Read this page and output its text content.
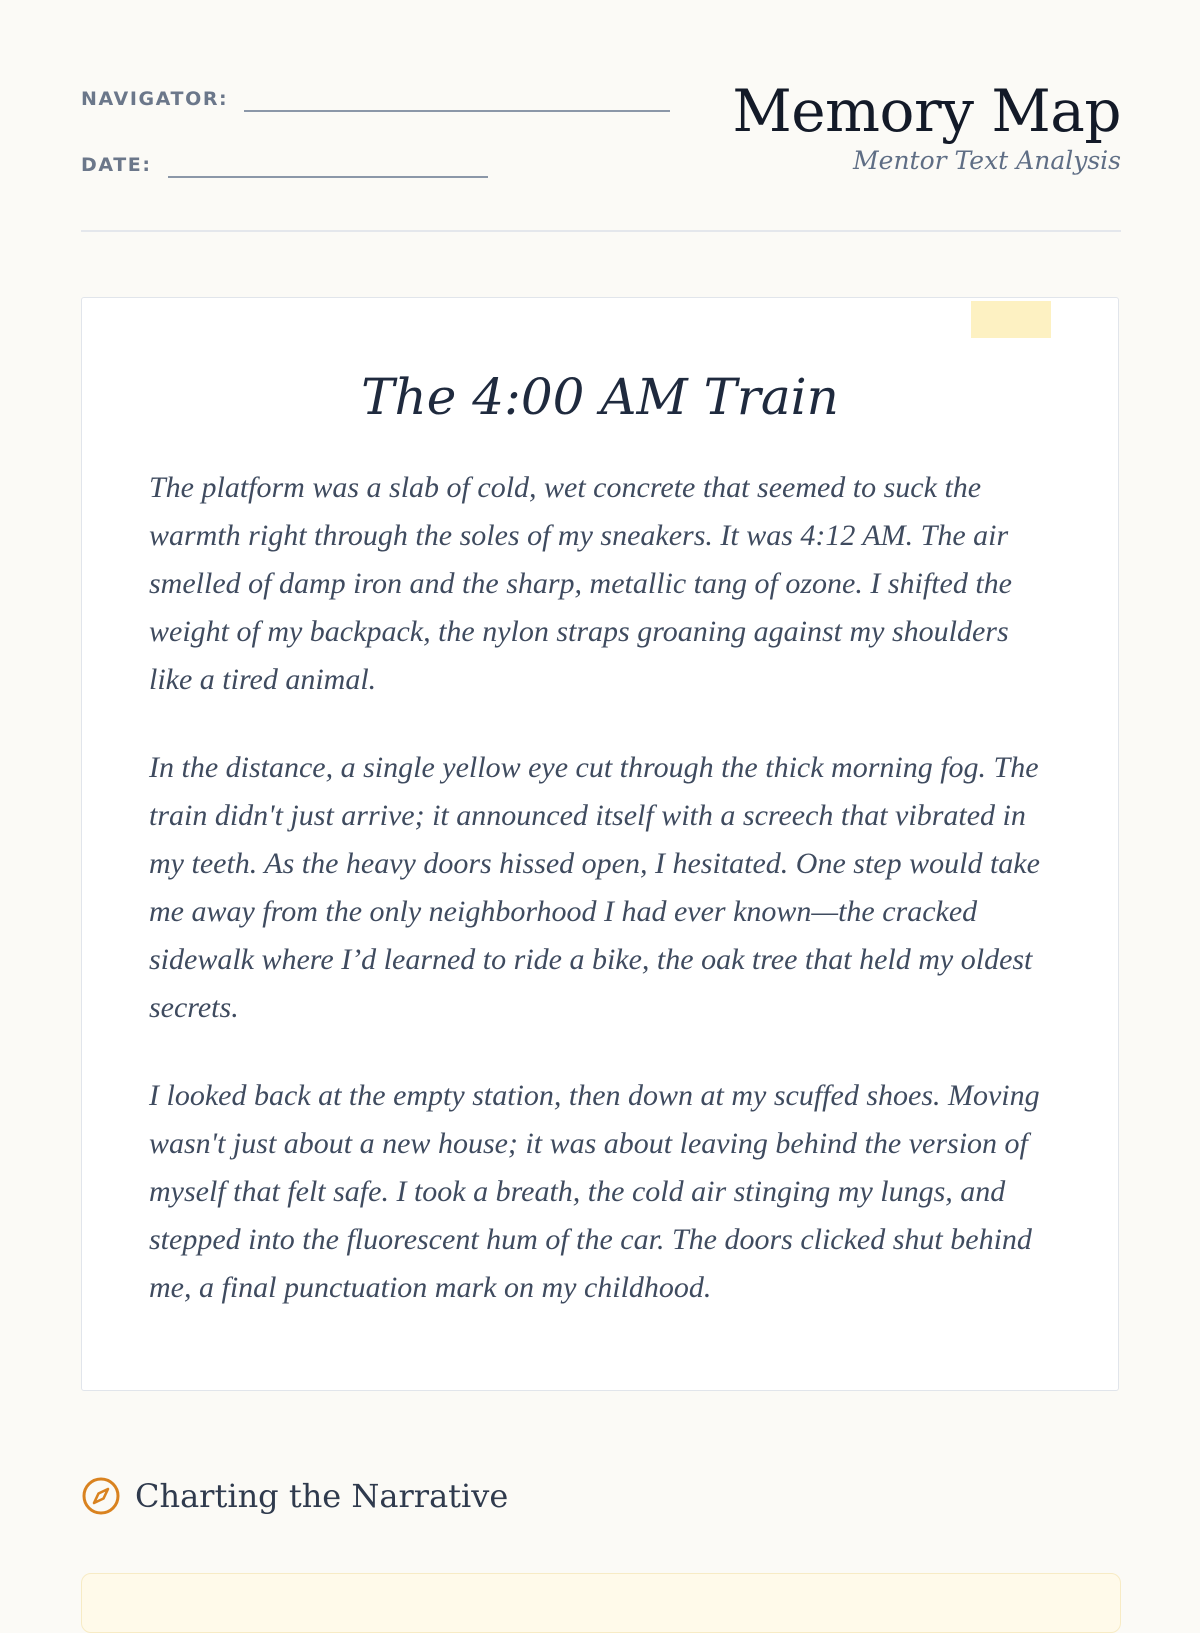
NAVIGATOR:
DATE:
Memory Map
Mentor Text Analysis
The 4:00 AM Train

The platform was a slab of cold, wet concrete that seemed to suck the warmth right through the soles of my sneakers. It was 4:12 AM. The air smelled of damp iron and the sharp, metallic tang of ozone. I shifted the weight of my backpack, the nylon straps groaning against my shoulders like a tired animal.

In the distance, a single yellow eye cut through the thick morning fog. The train didn't just arrive; it announced itself with a screech that vibrated in my teeth. As the heavy doors hissed open, I hesitated. One step would take me away from the only neighborhood I had ever known—the cracked sidewalk where I’d learned to ride a bike, the oak tree that held my oldest secrets.

I looked back at the empty station, then down at my scuffed shoes. Moving wasn't just about a new house; it was about leaving behind the version of myself that felt safe. I took a breath, the cold air stinging my lungs, and stepped into the fluorescent hum of the car. The doors clicked shut behind me, a final punctuation mark on my childhood.

Charting the Narrative
